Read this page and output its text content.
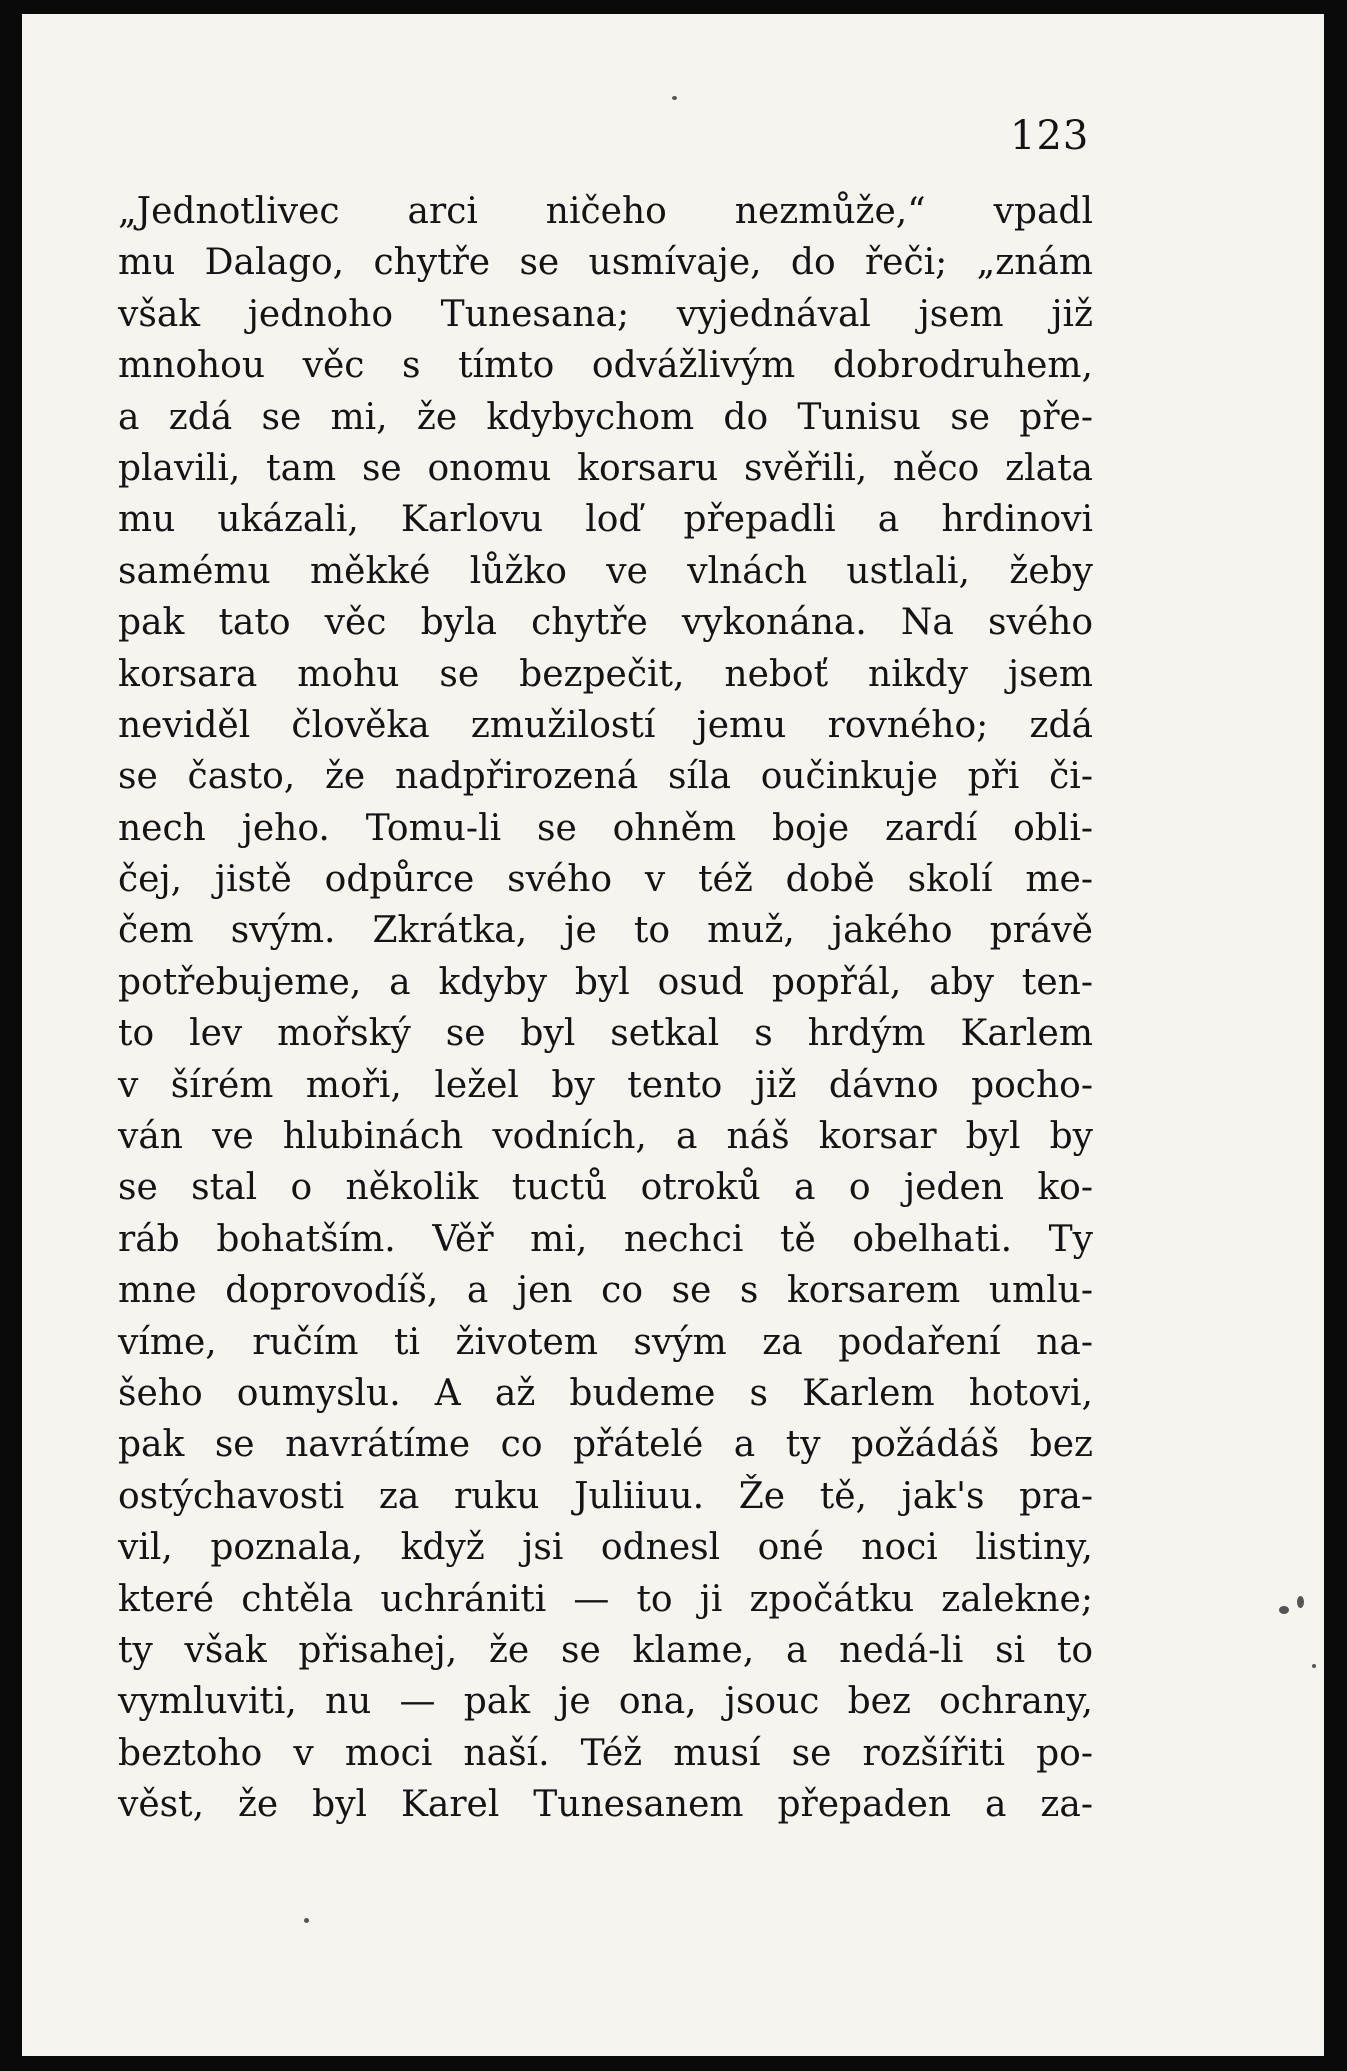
123
„Jednotlivec arci ničeho nezmůže,“ vpadl
mu Dalago, chytře se usmívaje, do řeči; „znám
však jednoho Tunesana; vyjednával jsem již
mnohou věc s tímto odvážlivým dobrodruhem,
a zdá se mi, že kdybychom do Tunisu se pře-
plavili, tam se onomu korsaru svěřili, něco zlata
mu ukázali, Karlovu loď přepadli a hrdinovi
samému měkké lůžko ve vlnách ustlali, žeby
pak tato věc byla chytře vykonána. Na svého
korsara mohu se bezpečit, neboť nikdy jsem
neviděl člověka zmužilostí jemu rovného; zdá
se často, že nadpřirozená síla oučinkuje při či-
nech jeho. Tomu-li se ohněm boje zardí obli-
čej, jistě odpůrce svého v též době skolí me-
čem svým. Zkrátka, je to muž, jakého právě
potřebujeme, a kdyby byl osud popřál, aby ten-
to lev mořský se byl setkal s hrdým Karlem
v šírém moři, ležel by tento již dávno pocho-
ván ve hlubinách vodních, a náš korsar byl by
se stal o několik tuctů otroků a o jeden ko-
ráb bohatším. Věř mi, nechci tě obelhati. Ty
mne doprovodíš, a jen co se s korsarem umlu-
víme, ručím ti životem svým za podaření na-
šeho oumyslu. A až budeme s Karlem hotovi,
pak se navrátíme co přátelé a ty požádáš bez
ostýchavosti za ruku Juliiuu. Že tě, jak's pra-
vil, poznala, když jsi odnesl oné noci listiny,
které chtěla uchrániti — to ji zpočátku zalekne;
ty však přisahej, že se klame, a nedá-li si to
vymluviti, nu — pak je ona, jsouc bez ochrany,
beztoho v moci naší. Též musí se rozšířiti po-
věst, že byl Karel Tunesanem přepaden a za-
